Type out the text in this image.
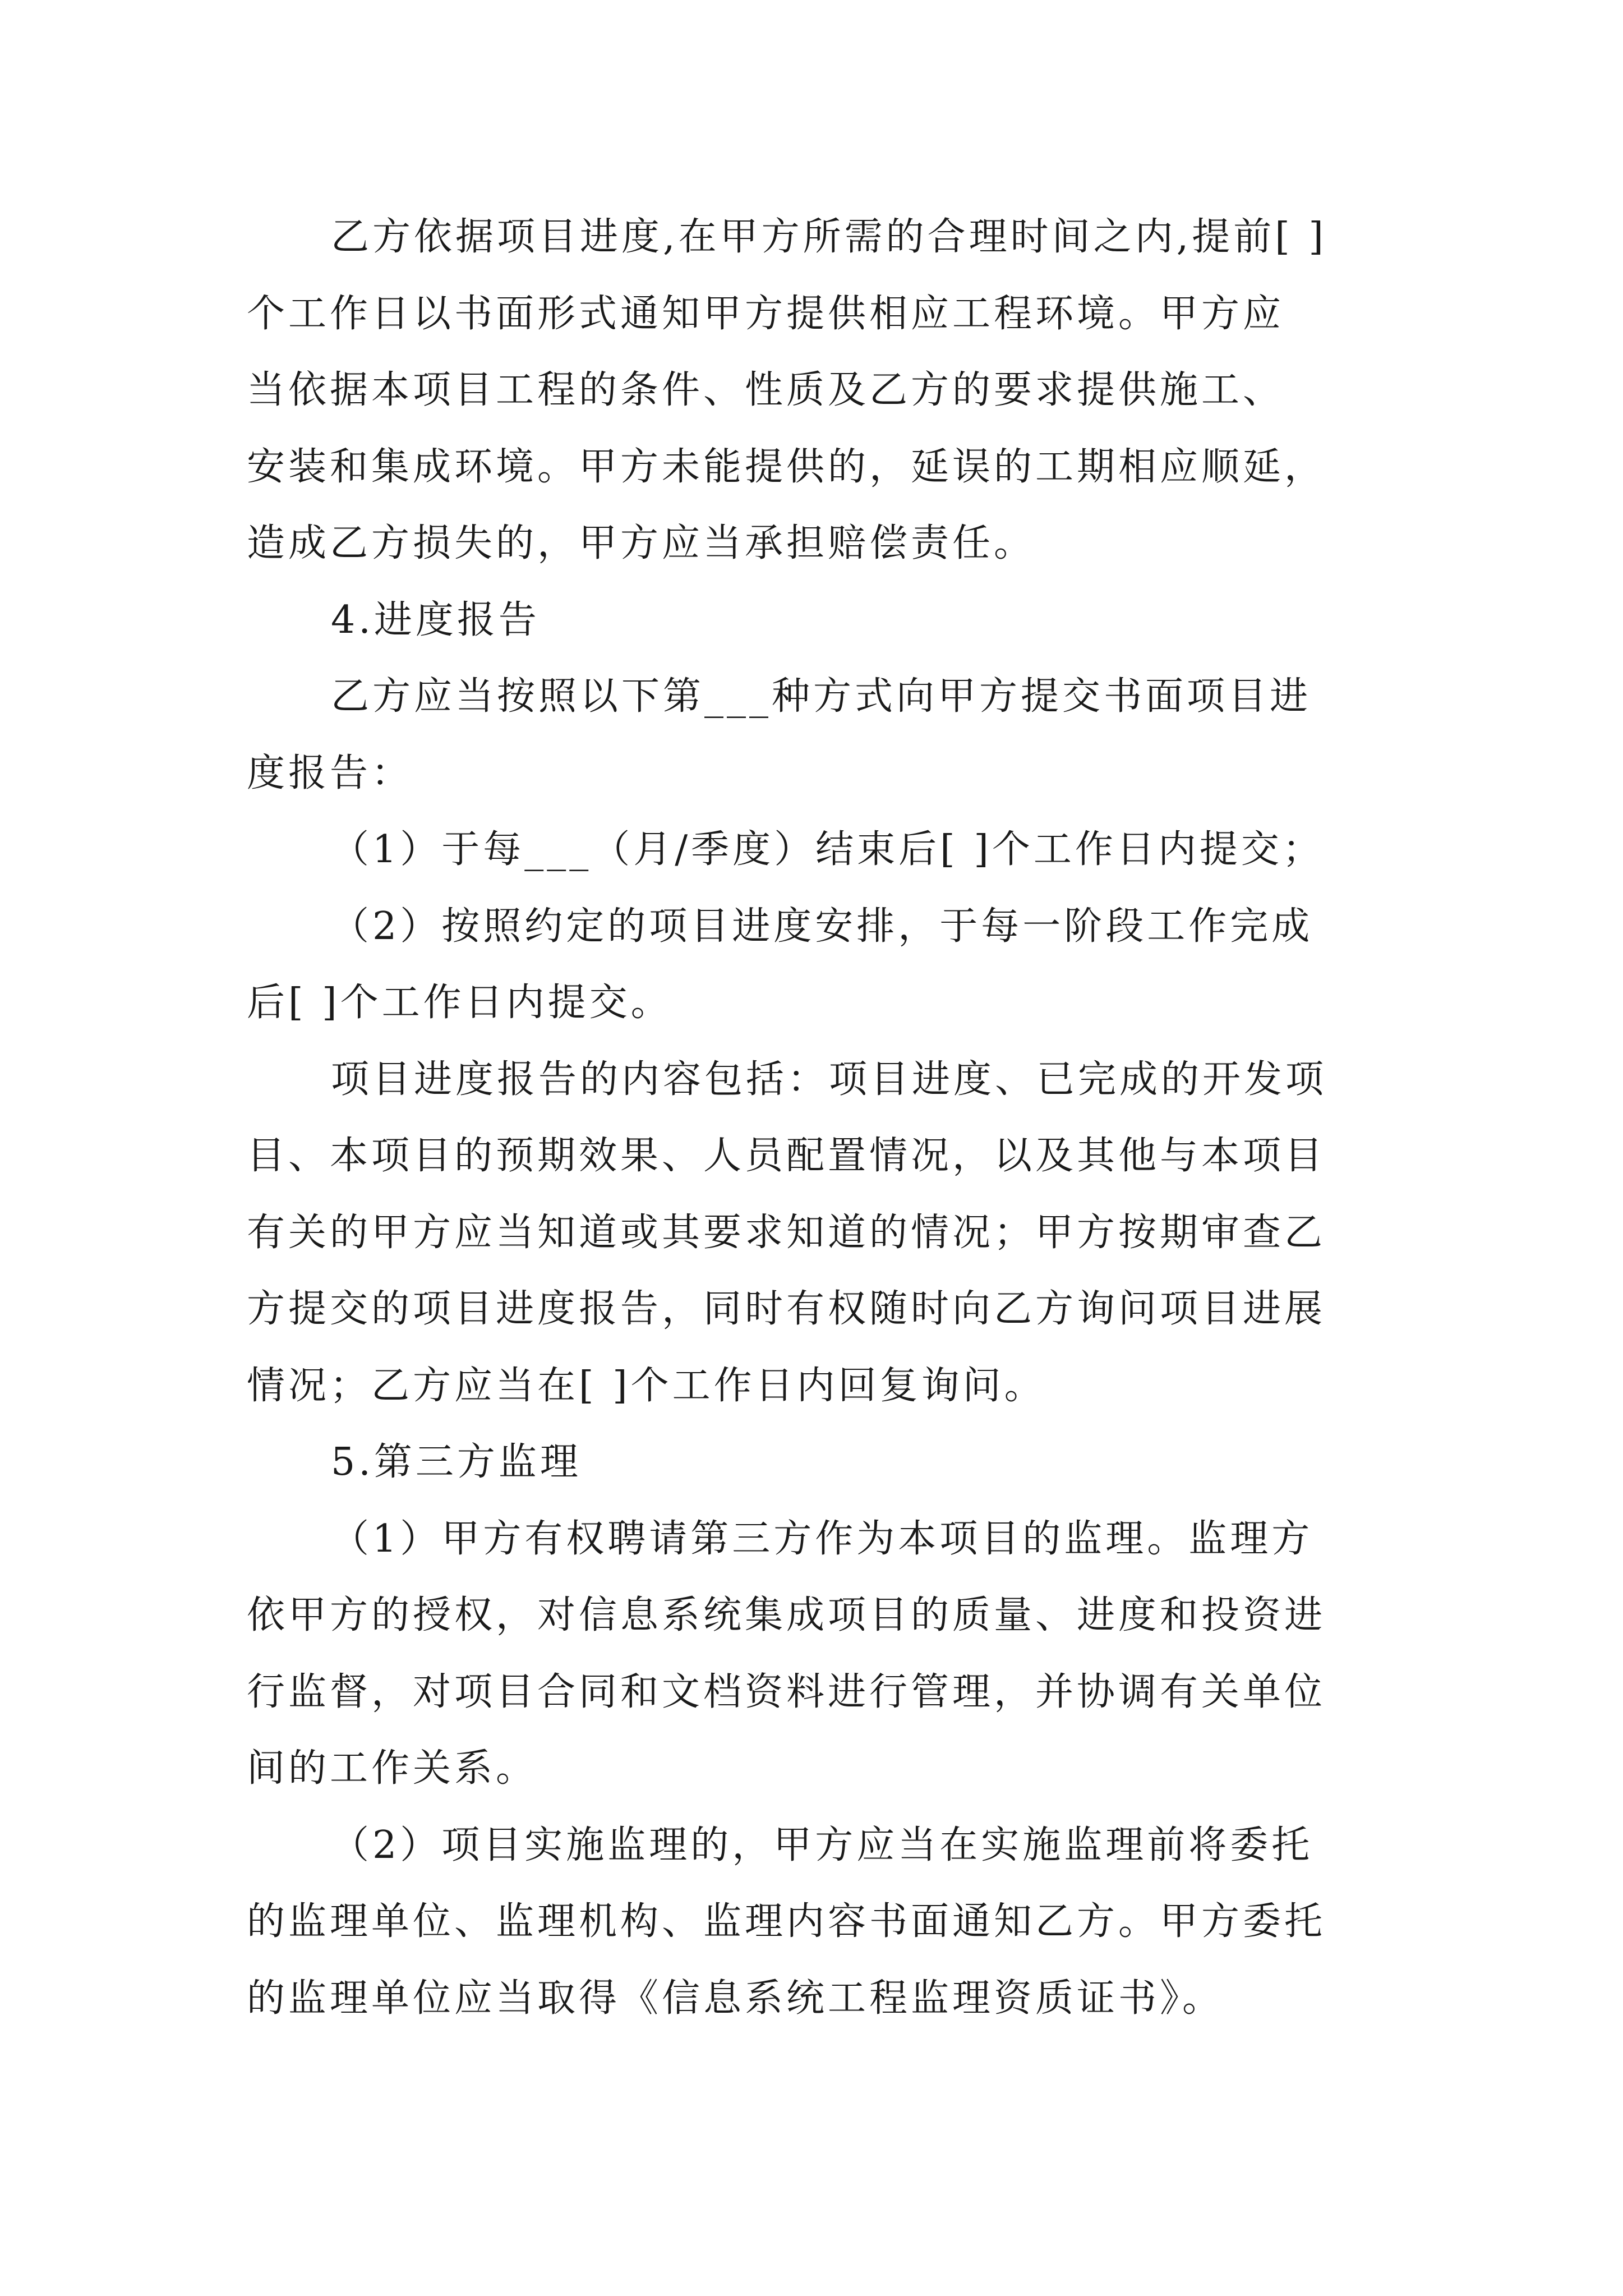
乙方依据项目进度,在甲方所需的合理时间之内,提前[ ]
个工作日以书面形式通知甲方提供相应工程环境。甲方应
当依据本项目工程的条件、性质及乙方的要求提供施工、
安装和集成环境。甲方未能提供的，延误的工期相应顺延，
造成乙方损失的，甲方应当承担赔偿责任。
4.进度报告
乙方应当按照以下第___种方式向甲方提交书面项目进
度报告：
（1）于每___（月/季度）结束后[ ]个工作日内提交；
（2）按照约定的项目进度安排，于每一阶段工作完成
后[ ]个工作日内提交。
项目进度报告的内容包括：项目进度、已完成的开发项
目、本项目的预期效果、人员配置情况，以及其他与本项目
有关的甲方应当知道或其要求知道的情况；甲方按期审查乙
方提交的项目进度报告，同时有权随时向乙方询问项目进展
情况；乙方应当在[ ]个工作日内回复询问。
5.第三方监理
（1）甲方有权聘请第三方作为本项目的监理。监理方
依甲方的授权，对信息系统集成项目的质量、进度和投资进
行监督，对项目合同和文档资料进行管理，并协调有关单位
间的工作关系。
（2）项目实施监理的，甲方应当在实施监理前将委托
的监理单位、监理机构、监理内容书面通知乙方。甲方委托
的监理单位应当取得《信息系统工程监理资质证书》。
